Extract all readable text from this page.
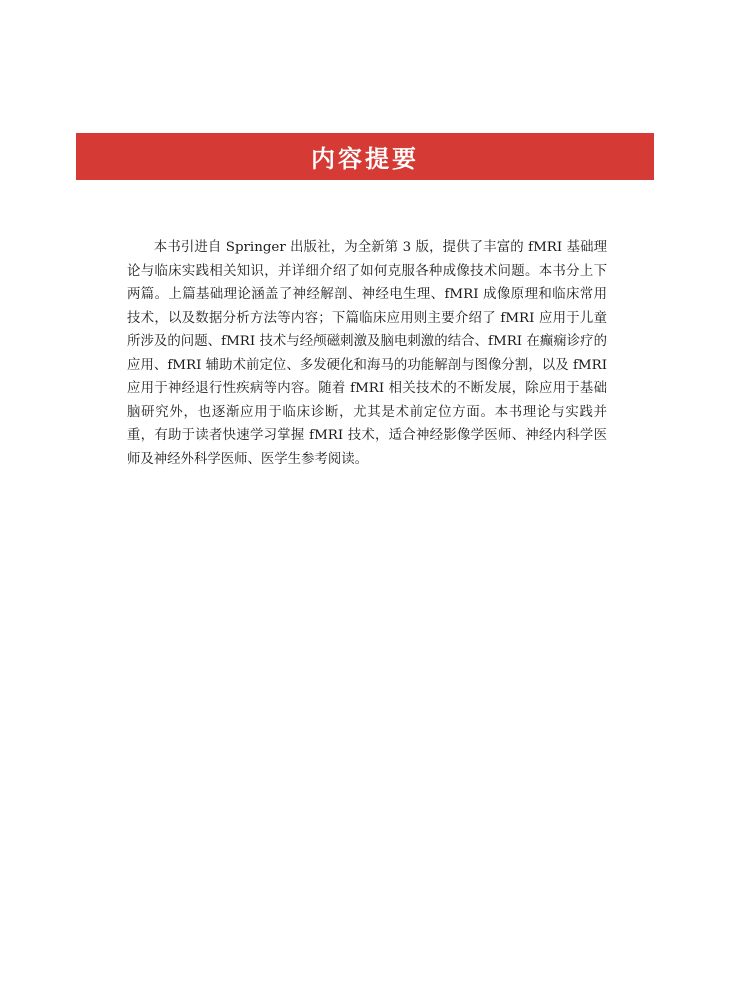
内容提要

本书引进自 Springer 出版社，为全新第 3 版，提供了丰富的 fMRI 基础理论与临床实践相关知识，并详细介绍了如何克服各种成像技术问题。本书分上下两篇。上篇基础理论涵盖了神经解剖、神经电生理、fMRI 成像原理和临床常用技术，以及数据分析方法等内容；下篇临床应用则主要介绍了 fMRI 应用于儿童所涉及的问题、fMRI 技术与经颅磁刺激及脑电刺激的结合、fMRI 在癫痫诊疗的应用、fMRI 辅助术前定位、多发硬化和海马的功能解剖与图像分割，以及 fMRI 应用于神经退行性疾病等内容。随着 fMRI 相关技术的不断发展，除应用于基础脑研究外，也逐渐应用于临床诊断，尤其是术前定位方面。本书理论与实践并重，有助于读者快速学习掌握 fMRI 技术，适合神经影像学医师、神经内科学医师及神经外科学医师、医学生参考阅读。
